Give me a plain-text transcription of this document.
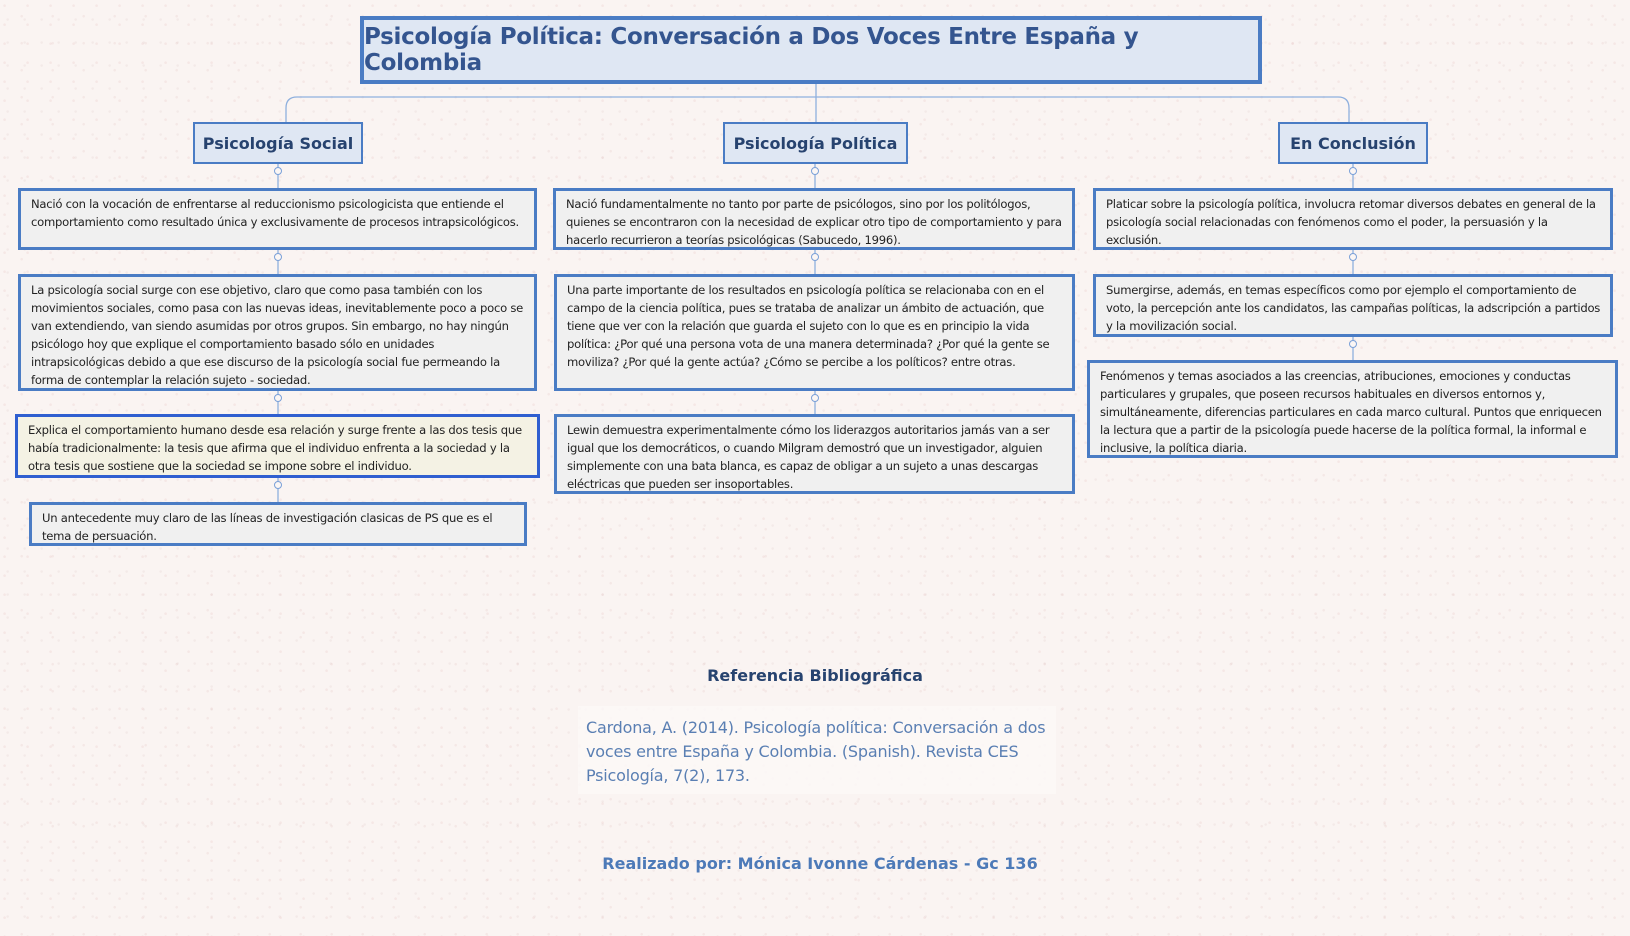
Psicología Política: Conversación a Dos Voces Entre España y Colombia
Psicología Social	Psicología Política	En Conclusión
Nació con la vocación de enfrentarse al reduccionismo psicologicista que entiende el comportamiento como resultado única y exclusivamente de procesos intrapsicológicos.
La psicología social surge con ese objetivo, claro que como pasa también con los movimientos sociales, como pasa con las nuevas ideas, inevitablemente poco a poco se van extendiendo, van siendo asumidas por otros grupos. Sin embargo, no hay ningún psicólogo hoy que explique el comportamiento basado sólo en unidades intrapsicológicas debido a que ese discurso de la psicología social fue permeando la forma de contemplar la relación sujeto - sociedad.
Explica el comportamiento humano desde esa relación y surge frente a las dos tesis que había tradicionalmente: la tesis que afirma que el individuo enfrenta a la sociedad y la otra tesis que sostiene que la sociedad se impone sobre el individuo.
Un antecedente muy claro de las líneas de investigación clasicas de PS que es el tema de persuación.
Nació fundamentalmente no tanto por parte de psicólogos, sino por los politólogos, quienes se encontraron con la necesidad de explicar otro tipo de comportamiento y para hacerlo recurrieron a teorías psicológicas (Sabucedo, 1996).
Una parte importante de los resultados en psicología política se relacionaba con en el campo de la ciencia política, pues se trataba de analizar un ámbito de actuación, que tiene que ver con la relación que guarda el sujeto con lo que es en principio la vida política: ¿Por qué una persona vota de una manera determinada? ¿Por qué la gente se moviliza? ¿Por qué la gente actúa? ¿Cómo se percibe a los políticos? entre otras.
Lewin demuestra experimentalmente cómo los liderazgos autoritarios jamás van a ser igual que los democráticos, o cuando Milgram demostró que un investigador, alguien simplemente con una bata blanca, es capaz de obligar a un sujeto a unas descargas eléctricas que pueden ser insoportables.
Platicar sobre la psicología política, involucra retomar diversos debates en general de la psicología social relacionadas con fenómenos como el poder, la persuasión y la exclusión.
Sumergirse, además, en temas específicos como por ejemplo el comportamiento de voto, la percepción ante los candidatos, las campañas políticas, la adscripción a partidos y la movilización social.
Fenómenos y temas asociados a las creencias, atribuciones, emociones y conductas particulares y grupales, que poseen recursos habituales en diversos entornos y, simultáneamente, diferencias particulares en cada marco cultural. Puntos que enriquecen la lectura que a partir de la psicología puede hacerse de la política formal, la informal e inclusive, la política diaria.
Referencia Bibliográfica
Cardona, A. (2014). Psicología política: Conversación a dos voces entre España y Colombia. (Spanish). Revista CES Psicología, 7(2), 173.
Realizado por: Mónica Ivonne Cárdenas - Gc 136
